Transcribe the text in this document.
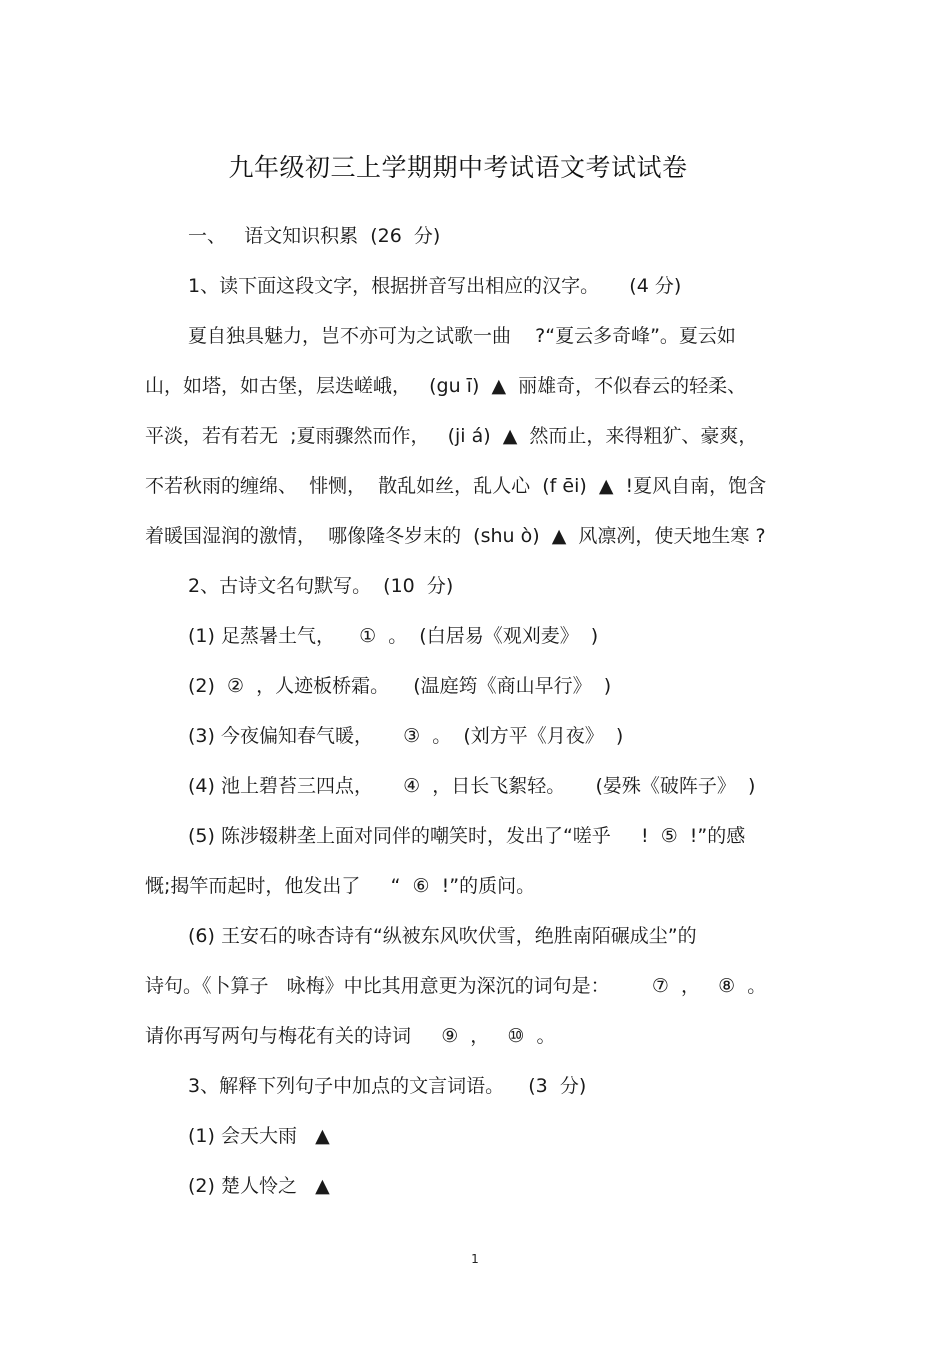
九年级初三上学期期中考试语文考试试卷
一、   语文知识积累  (26  分)
1、读下面这段文字，根据拼音写出相应的汉字。     (4 分)
夏自独具魅力，岂不亦可为之试歌一曲    ?“夏云多奇峰”。夏云如
山，如塔，如古堡，层迭嵯峨，   (gu ī)  ▲  丽雄奇，不似春云的轻柔、
平淡，若有若无  ;夏雨骤然而作，   (ji á)  ▲  然而止，来得粗犷、豪爽，
不若秋雨的缠绵、  悱恻，  散乱如丝，乱人心  (f ēi)  ▲  !夏风自南，饱含
着暖国湿润的激情，  哪像隆冬岁末的  (shu ò)  ▲  风凛冽，使天地生寒 ?
2、古诗文名句默写。  (10  分)
(1) 足蒸暑土气，    ①  。  (白居易《观刈麦》  )
(2)  ②  ，人迹板桥霜。    (温庭筠《商山早行》  )
(3) 今夜偏知春气暖，     ③  。  (刘方平《月夜》  )
(4) 池上碧苔三四点，     ④  ，日长飞絮轻。     (晏殊《破阵子》  )
(5) 陈涉辍耕垄上面对同伴的嘲笑时，发出了“嗟乎     !  ⑤  !”的感
慨;揭竿而起时，他发出了     “  ⑥  !”的质问。
(6) 王安石的咏杏诗有“纵被东风吹伏雪，绝胜南陌碾成尘”的
诗句。《卜算子   咏梅》中比其用意更为深沉的词句是：       ⑦  ，   ⑧  。
请你再写两句与梅花有关的诗词     ⑨  ，   ⑩  。
3、解释下列句子中加点的文言词语。    (3  分)
(1) 会天大雨   ▲
(2) 楚人怜之   ▲
1
